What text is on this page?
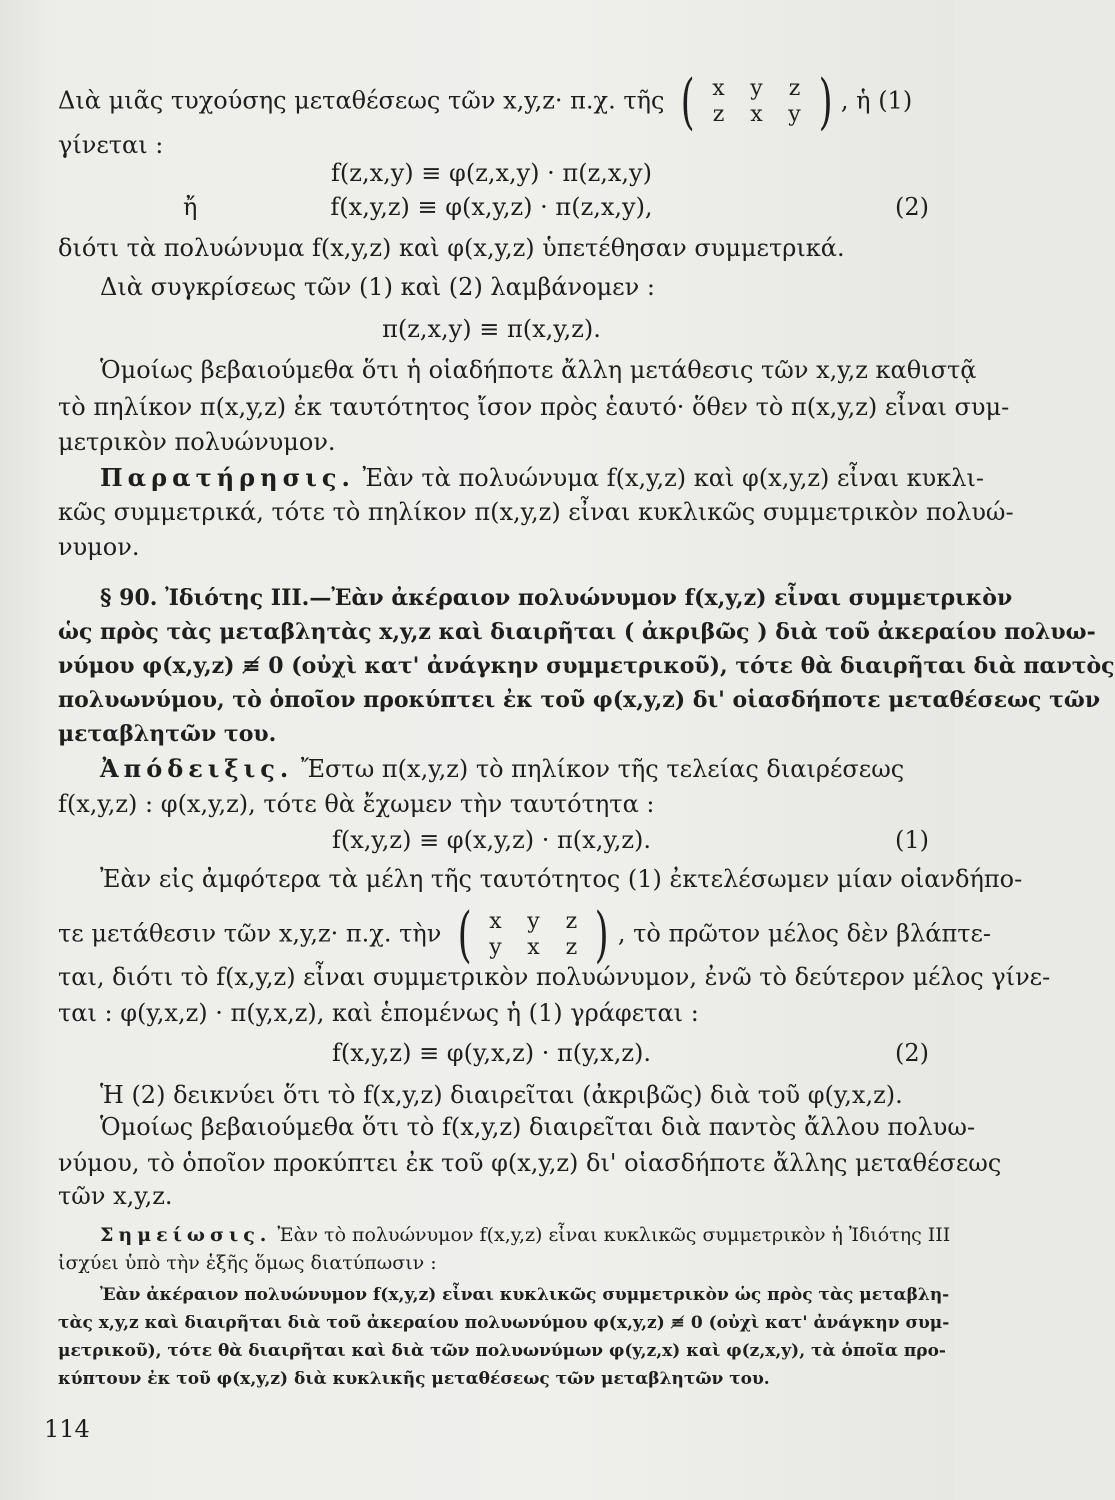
Διὰ μιᾶς τυχούσης μεταθέσεως τῶν x,y,z· π.χ. τῆς ( x	y	z
z	x	y ) , ἡ (1)
γίνεται :
f(z,x,y) ≡ φ(z,x,y) · π(z,x,y)
ἤ	f(x,y,z) ≡ φ(x,y,z) · π(z,x,y),	(2)
διότι τὰ πολυώνυμα f(x,y,z) καὶ φ(x,y,z) ὑπετέθησαν συμμετρικά.
Διὰ συγκρίσεως τῶν (1) καὶ (2) λαμβάνομεν :
π(z,x,y) ≡ π(x,y,z).
Ὁμοίως βεβαιούμεθα ὅτι ἡ οἱαδήποτε ἄλλη μετάθεσις τῶν x,y,z καθιστᾷ
τὸ πηλίκον π(x,y,z) ἐκ ταυτότητος ἴσον πρὸς ἑαυτό· ὅθεν τὸ π(x,y,z) εἶναι συμ-
μετρικὸν πολυώνυμον.
Παρατήρησις. Ἐὰν τὰ πολυώνυμα f(x,y,z) καὶ φ(x,y,z) εἶναι κυκλι-
κῶς συμμετρικά, τότε τὸ πηλίκον π(x,y,z) εἶναι κυκλικῶς συμμετρικὸν πολυώ-
νυμον.
§ 90. Ἰδιότης III.—Ἐὰν ἀκέραιον πολυώνυμον f(x,y,z) εἶναι συμμετρικὸν
ὡς πρὸς τὰς μεταβλητὰς x,y,z καὶ διαιρῆται ( ἀκριβῶς ) διὰ τοῦ ἀκεραίου πολυω-
νύμου φ(x,y,z) ≢ 0 (οὐχὶ κατ' ἀνάγκην συμμετρικοῦ), τότε θὰ διαιρῆται διὰ παντὸς
πολυωνύμου, τὸ ὁποῖον προκύπτει ἐκ τοῦ φ(x,y,z) δι' οἱασδήποτε μεταθέσεως τῶν
μεταβλητῶν του.
Ἀπόδειξις. Ἔστω π(x,y,z) τὸ πηλίκον τῆς τελείας διαιρέσεως
f(x,y,z) : φ(x,y,z), τότε θὰ ἔχωμεν τὴν ταυτότητα :
f(x,y,z) ≡ φ(x,y,z) · π(x,y,z).	(1)
Ἐὰν εἰς ἀμφότερα τὰ μέλη τῆς ταυτότητος (1) ἐκτελέσωμεν μίαν οἱανδήπο-
τε μετάθεσιν τῶν x,y,z· π.χ. τὴν ( x	y	z
y	x	z ) , τὸ πρῶτον μέλος δὲν βλάπτε-
ται, διότι τὸ f(x,y,z) εἶναι συμμετρικὸν πολυώνυμον, ἐνῶ τὸ δεύτερον μέλος γίνε-
ται : φ(y,x,z) · π(y,x,z), καὶ ἑπομένως ἡ (1) γράφεται :
f(x,y,z) ≡ φ(y,x,z) · π(y,x,z).	(2)
Ἡ (2) δεικνύει ὅτι τὸ f(x,y,z) διαιρεῖται (ἀκριβῶς) διὰ τοῦ φ(y,x,z).
Ὁμοίως βεβαιούμεθα ὅτι τὸ f(x,y,z) διαιρεῖται διὰ παντὸς ἄλλου πολυω-
νύμου, τὸ ὁποῖον προκύπτει ἐκ τοῦ φ(x,y,z) δι' οἱασδήποτε ἄλλης μεταθέσεως
τῶν x,y,z.
Σημείωσις. Ἐὰν τὸ πολυώνυμον f(x,y,z) εἶναι κυκλικῶς συμμετρικὸν ἡ Ἰδιότης III
ἰσχύει ὑπὸ τὴν ἑξῆς ὅμως διατύπωσιν :
Ἐὰν ἀκέραιον πολυώνυμον f(x,y,z) εἶναι κυκλικῶς συμμετρικὸν ὡς πρὸς τὰς μεταβλη-
τὰς x,y,z καὶ διαιρῆται διὰ τοῦ ἀκεραίου πολυωνύμου φ(x,y,z) ≢ 0 (οὐχὶ κατ' ἀνάγκην συμ-
μετρικοῦ), τότε θὰ διαιρῆται καὶ διὰ τῶν πολυωνύμων φ(y,z,x) καὶ φ(z,x,y), τὰ ὁποῖα προ-
κύπτουν ἐκ τοῦ φ(x,y,z) διὰ κυκλικῆς μεταθέσεως τῶν μεταβλητῶν του.
114
